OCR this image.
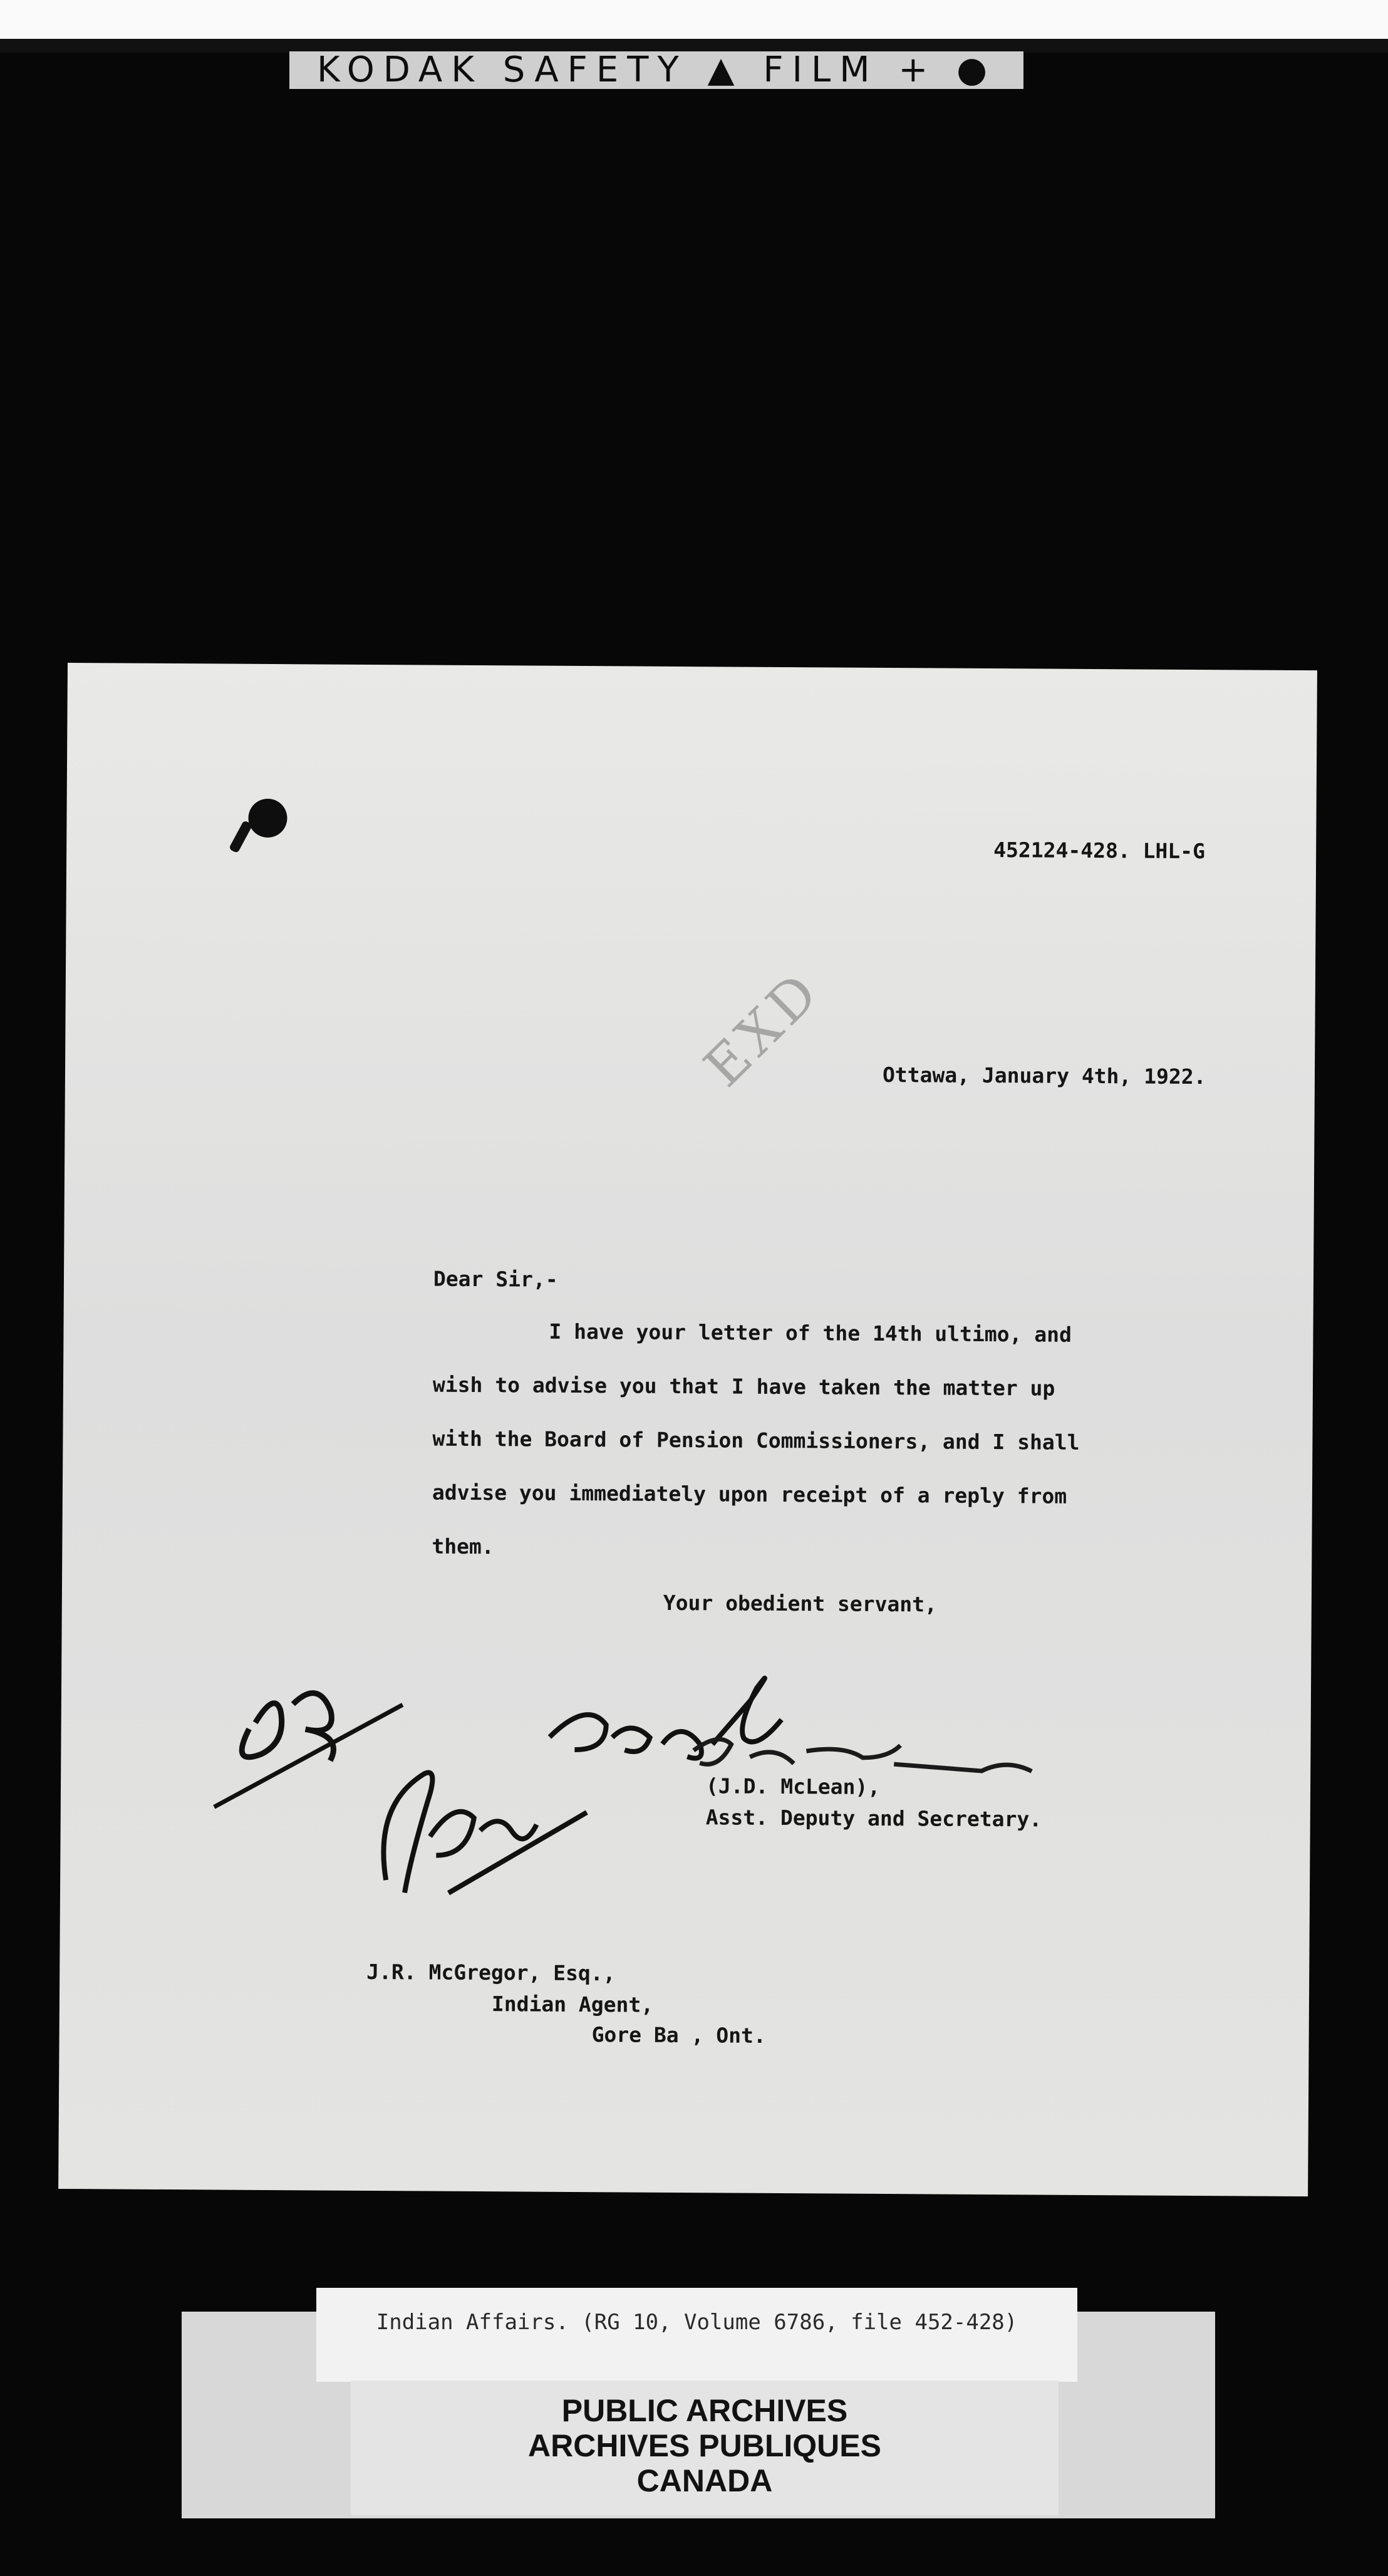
KODAK SAFETY ▲ FILM + ●
452124-428. LHL-G
EXD	Ottawa, January 4th, 1922.
Dear Sir,-
I have your letter of the 14th ultimo, and
wish to advise you that I have taken the matter up
with the Board of Pension Commissioners, and I shall
advise you immediately upon receipt of a reply from
them.
Your obedient servant,
(J.D. McLean),
Asst. Deputy and Secretary.
J.R. McGregor, Esq.,
Indian Agent,
Gore Ba , Ont.
Indian Affairs. (RG 10, Volume 6786, file 452-428)
PUBLIC ARCHIVES
ARCHIVES PUBLIQUES
CANADA
